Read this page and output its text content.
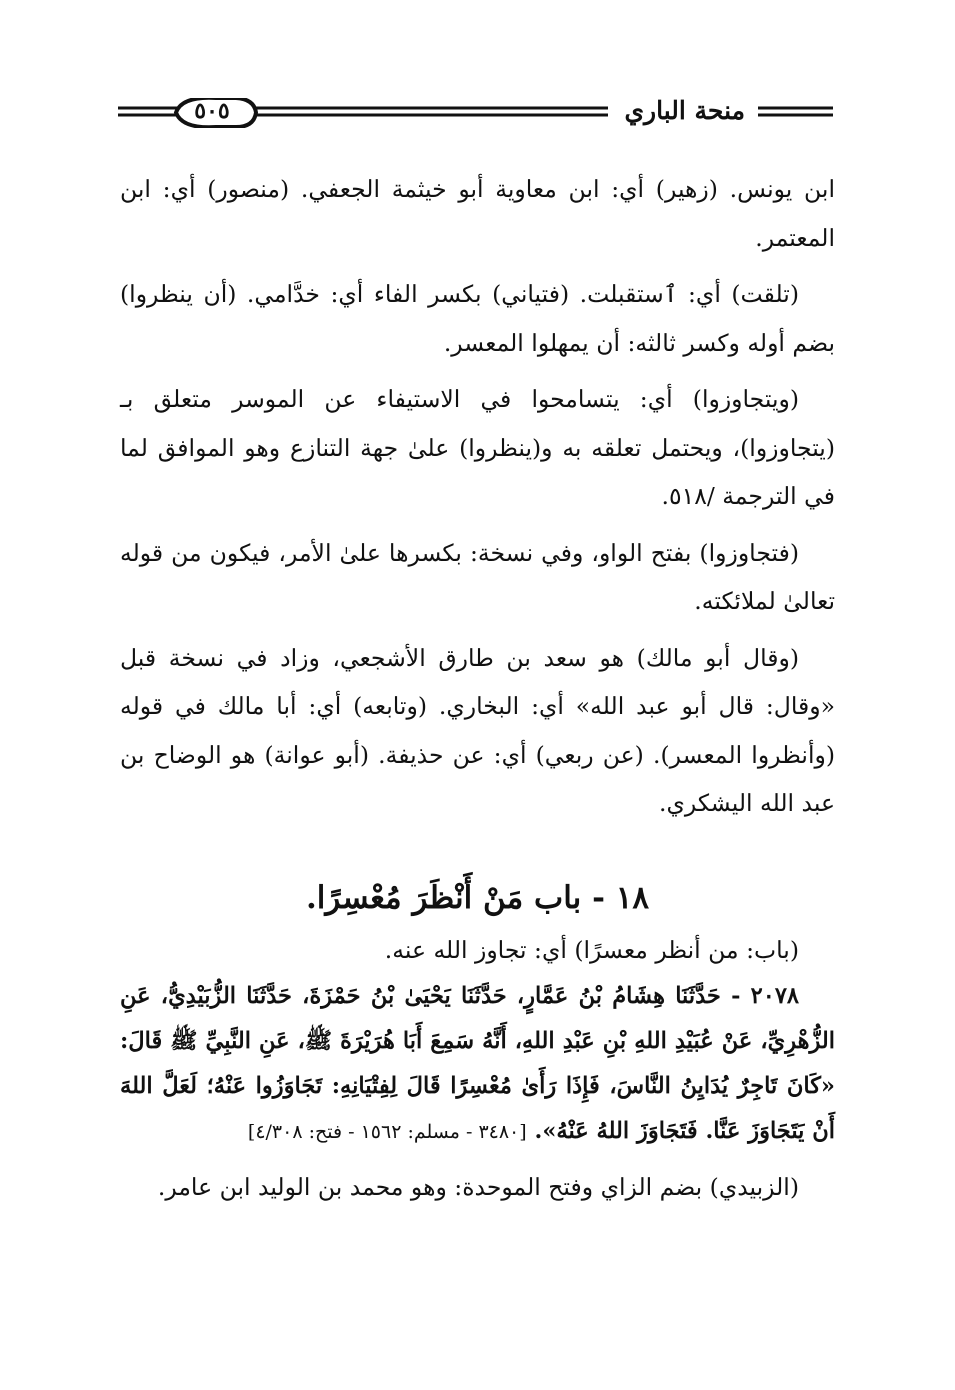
منحة الباري
٥٠٥

ابن يونس. (زهير) أي: ابن معاوية أبو خيثمة الجعفي. (منصور) أي: ابن المعتمر.

(تلقت) أي: ٱستقبلت. (فتياني) بكسر الفاء أي: خدَّامي. (أن ينظروا) بضم أوله وكسر ثالثه: أن يمهلوا المعسر.

(ويتجاوزوا) أي: يتسامحوا في الاستيفاء عن الموسر متعلق بـ (يتجاوزوا)، ويحتمل تعلقه به و(ينظروا) علىٰ جهة التنازع وهو الموافق لما في الترجمة /٥١٨.

(فتجاوزوا) بفتح الواو، وفي نسخة: بكسرها علىٰ الأمر، فيكون من قوله تعالىٰ لملائكته.

(وقال أبو مالك) هو سعد بن طارق الأشجعي، وزاد في نسخة قبل «وقال: قال أبو عبد الله» أي: البخاري. (وتابعه) أي: أبا مالك في قوله (وأنظروا المعسر). (عن ربعي) أي: عن حذيفة. (أبو عوانة) هو الوضاح بن عبد الله اليشكري.

١٨ - باب مَنْ أَنْظَرَ مُعْسِرًا.

(باب: من أنظر معسرًا) أي: تجاوز الله عنه.

٢٠٧٨ - حَدَّثَنَا هِشَامُ بْنُ عَمَّارٍ، حَدَّثَنَا يَحْيَىٰ بْنُ حَمْزَةَ، حَدَّثَنَا الزُّبَيْدِيُّ، عَنِ الزُّهْرِيِّ، عَنْ عُبَيْدِ اللهِ بْنِ عَبْدِ اللهِ، أَنَّهُ سَمِعَ أَبَا هُرَيْرَةَ ﷺ، عَنِ النَّبِيِّ ﷺ قَالَ: «كَانَ تَاجِرٌ يُدَايِنُ النَّاسَ، فَإِذَا رَأَىٰ مُعْسِرًا قَالَ لِفِتْيَانِهِ: تَجَاوَزُوا عَنْهُ؛ لَعَلَّ اللهَ أَنْ يَتَجَاوَزَ عَنَّا. فَتَجَاوَزَ اللهُ عَنْهُ». [٣٤٨٠ - مسلم: ١٥٦٢ - فتح: ٤/٣٠٨]

(الزبيدي) بضم الزاي وفتح الموحدة: وهو محمد بن الوليد ابن عامر.
